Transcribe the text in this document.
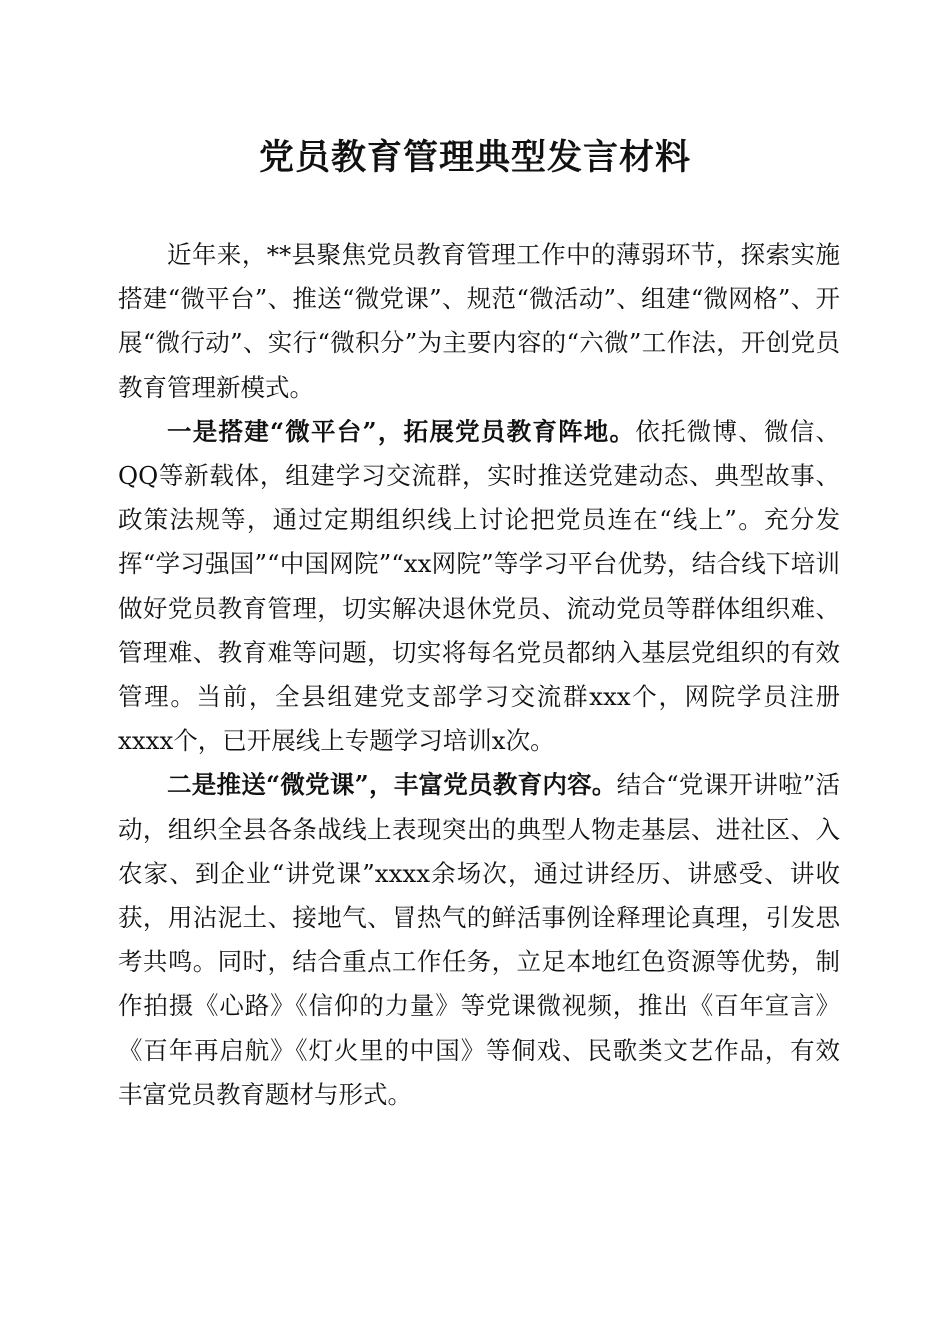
党员教育管理典型发言材料

近年来，**县聚焦党员教育管理工作中的薄弱环节，探索实施搭建“微平台”、推送“微党课”、规范“微活动”、组建“微网格”、开展“微行动”、实行“微积分”为主要内容的“六微”工作法，开创党员教育管理新模式。

一是搭建“微平台”，拓展党员教育阵地。依托微博、微信、QQ等新载体，组建学习交流群，实时推送党建动态、典型故事、政策法规等，通过定期组织线上讨论把党员连在“线上”。充分发挥“学习强国”“中国网院”“xx网院”等学习平台优势，结合线下培训做好党员教育管理，切实解决退休党员、流动党员等群体组织难、管理难、教育难等问题，切实将每名党员都纳入基层党组织的有效管理。当前，全县组建党支部学习交流群xxx个，网院学员注册xxxx个，已开展线上专题学习培训x次。

二是推送“微党课”，丰富党员教育内容。结合“党课开讲啦”活动，组织全县各条战线上表现突出的典型人物走基层、进社区、入农家、到企业“讲党课”xxxx余场次，通过讲经历、讲感受、讲收获，用沾泥土、接地气、冒热气的鲜活事例诠释理论真理，引发思考共鸣。同时，结合重点工作任务，立足本地红色资源等优势，制作拍摄《心路》《信仰的力量》等党课微视频，推出《百年宣言》《百年再启航》《灯火里的中国》等侗戏、民歌类文艺作品，有效丰富党员教育题材与形式。
